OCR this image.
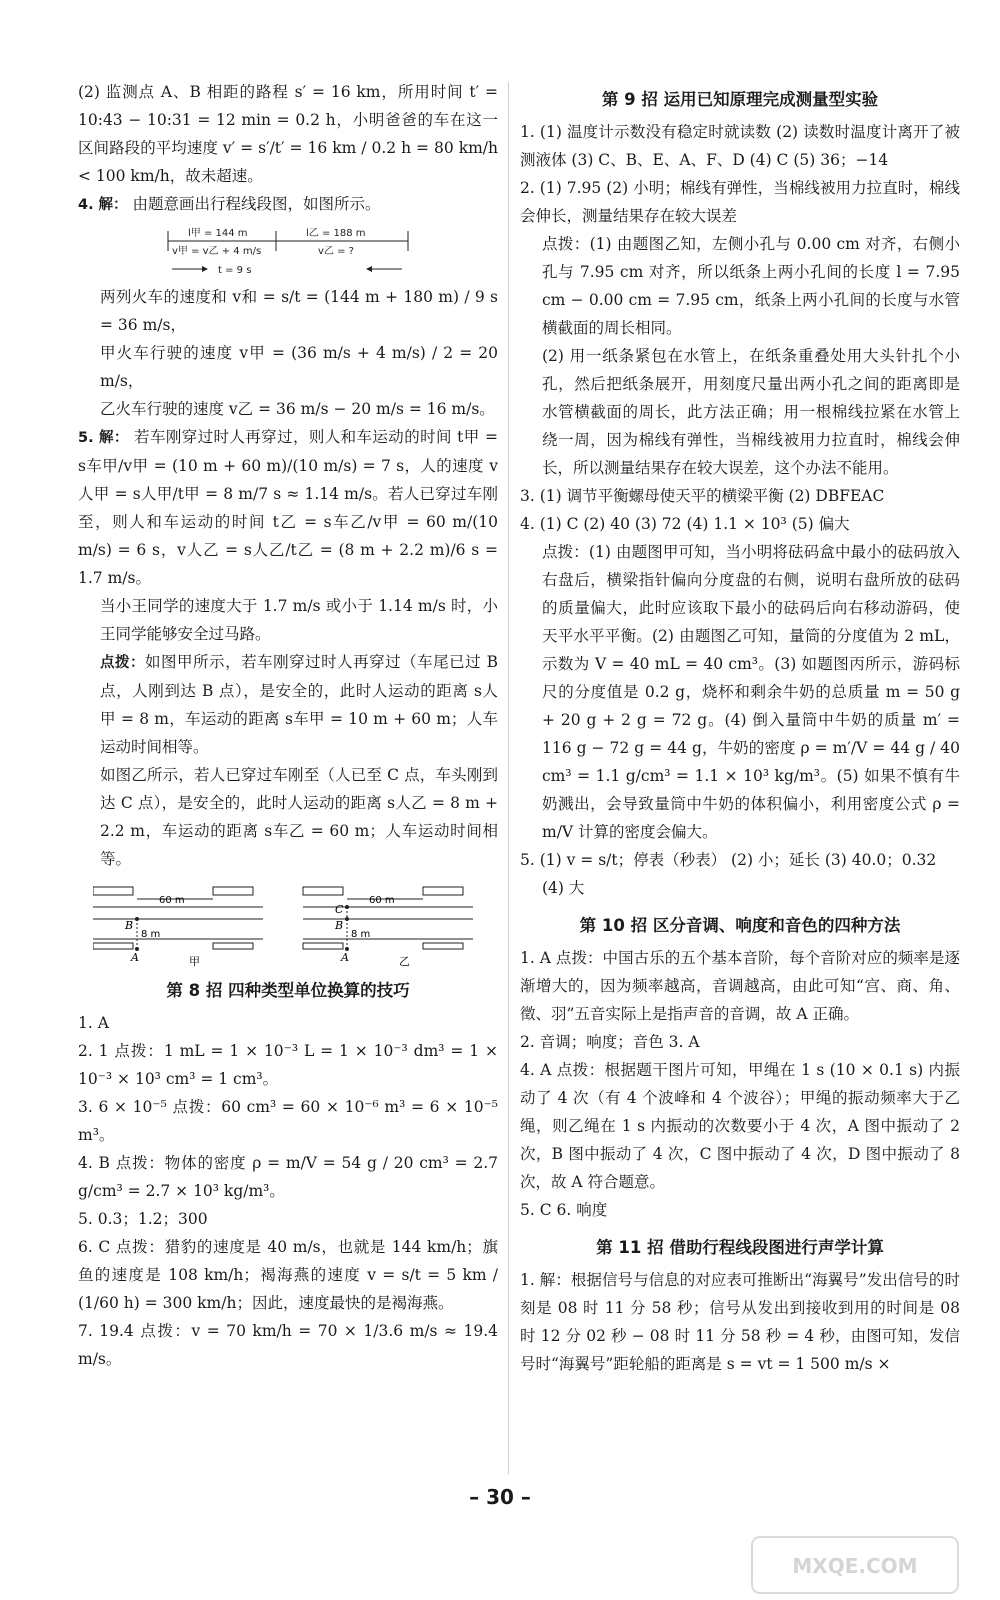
(2) 监测点 A、B 相距的路程 s′ = 16 km，所用时间 t′ = 10:43 − 10:31 = 12 min = 0.2 h，小明爸爸的车在这一区间路段的平均速度 v′ = s′/t′ = 16 km / 0.2 h = 80 km/h < 100 km/h，故未超速。

4. 解： 由题意画出行程线段图，如图所示。

l甲 = 144 m	l乙 = 188 m
v甲 = v乙 + 4 m/s	v乙 = ?
t = 9 s

两列火车的速度和 v和 = s/t = (144 m + 180 m) / 9 s = 36 m/s，

甲火车行驶的速度 v甲 = (36 m/s + 4 m/s) / 2 = 20 m/s，

乙火车行驶的速度 v乙 = 36 m/s − 20 m/s = 16 m/s。

5. 解： 若车刚穿过时人再穿过，则人和车运动的时间 t甲 = s车甲/v甲 = (10 m + 60 m)/(10 m/s) = 7 s，人的速度 v人甲 = s人甲/t甲 = 8 m/7 s ≈ 1.14 m/s。若人已穿过车刚至，则人和车运动的时间 t乙 = s车乙/v甲 = 60 m/(10 m/s) = 6 s，v人乙 = s人乙/t乙 = (8 m + 2.2 m)/6 s = 1.7 m/s。

当小王同学的速度大于 1.7 m/s 或小于 1.14 m/s 时，小王同学能够安全过马路。

点拨：如图甲所示，若车刚穿过时人再穿过（车尾已过 B 点，人刚到达 B 点），是安全的，此时人运动的距离 s人甲 = 8 m，车运动的距离 s车甲 = 10 m + 60 m；人车运动时间相等。

如图乙所示，若人已穿过车刚至（人已至 C 点，车头刚到达 C 点），是安全的，此时人运动的距离 s人乙 = 8 m + 2.2 m，车运动的距离 s车乙 = 60 m；人车运动时间相等。

60 m
B
8 m
A	甲
60 m
C
B
8 m
A	乙
第 8 招 四种类型单位换算的技巧

1. A

2. 1 点拨：1 mL = 1 × 10⁻³ L = 1 × 10⁻³ dm³ = 1 × 10⁻³ × 10³ cm³ = 1 cm³。

3. 6 × 10⁻⁵ 点拨：60 cm³ = 60 × 10⁻⁶ m³ = 6 × 10⁻⁵ m³。

4. B 点拨：物体的密度 ρ = m/V = 54 g / 20 cm³ = 2.7 g/cm³ = 2.7 × 10³ kg/m³。

5. 0.3；1.2；300

6. C 点拨：猎豹的速度是 40 m/s，也就是 144 km/h；旗鱼的速度是 108 km/h；褐海燕的速度 v = s/t = 5 km / (1/60 h) = 300 km/h；因此，速度最快的是褐海燕。

7. 19.4 点拨：v = 70 km/h = 70 × 1/3.6 m/s ≈ 19.4 m/s。

第 9 招 运用已知原理完成测量型实验

1. (1) 温度计示数没有稳定时就读数 (2) 读数时温度计离开了被测液体 (3) C、B、E、A、F、D (4) C (5) 36；−14

2. (1) 7.95 (2) 小明；棉线有弹性，当棉线被用力拉直时，棉线会伸长，测量结果存在较大误差

点拨：(1) 由题图乙知，左侧小孔与 0.00 cm 对齐，右侧小孔与 7.95 cm 对齐，所以纸条上两小孔间的长度 l = 7.95 cm − 0.00 cm = 7.95 cm，纸条上两小孔间的长度与水管横截面的周长相同。

(2) 用一纸条紧包在水管上，在纸条重叠处用大头针扎个小孔，然后把纸条展开，用刻度尺量出两小孔之间的距离即是水管横截面的周长，此方法正确；用一根棉线拉紧在水管上绕一周，因为棉线有弹性，当棉线被用力拉直时，棉线会伸长，所以测量结果存在较大误差，这个办法不能用。

3. (1) 调节平衡螺母使天平的横梁平衡 (2) DBFEAC

4. (1) C (2) 40 (3) 72 (4) 1.1 × 10³ (5) 偏大

点拨：(1) 由题图甲可知，当小明将砝码盒中最小的砝码放入右盘后，横梁指针偏向分度盘的右侧，说明右盘所放的砝码的质量偏大，此时应该取下最小的砝码后向右移动游码，使天平水平平衡。(2) 由题图乙可知，量筒的分度值为 2 mL，示数为 V = 40 mL = 40 cm³。(3) 如题图丙所示，游码标尺的分度值是 0.2 g，烧杯和剩余牛奶的总质量 m = 50 g + 20 g + 2 g = 72 g。(4) 倒入量筒中牛奶的质量 m′ = 116 g − 72 g = 44 g，牛奶的密度 ρ = m′/V = 44 g / 40 cm³ = 1.1 g/cm³ = 1.1 × 10³ kg/m³。(5) 如果不慎有牛奶溅出，会导致量筒中牛奶的体积偏小，利用密度公式 ρ = m/V 计算的密度会偏大。

5. (1) v = s/t；停表（秒表） (2) 小；延长 (3) 40.0；0.32

(4) 大

第 10 招 区分音调、响度和音色的四种方法

1. A 点拨：中国古乐的五个基本音阶，每个音阶对应的频率是逐渐增大的，因为频率越高，音调越高，由此可知“宫、商、角、徵、羽”五音实际上是指声音的音调，故 A 正确。

2. 音调；响度；音色 3. A

4. A 点拨：根据题干图片可知，甲绳在 1 s (10 × 0.1 s) 内振动了 4 次（有 4 个波峰和 4 个波谷）；甲绳的振动频率大于乙绳，则乙绳在 1 s 内振动的次数要小于 4 次，A 图中振动了 2 次，B 图中振动了 4 次，C 图中振动了 4 次，D 图中振动了 8 次，故 A 符合题意。

5. C 6. 响度

第 11 招 借助行程线段图进行声学计算

1. 解：根据信号与信息的对应表可推断出“海翼号”发出信号的时刻是 08 时 11 分 58 秒；信号从发出到接收到用的时间是 08 时 12 分 02 秒 − 08 时 11 分 58 秒 = 4 秒，由图可知，发信号时“海翼号”距轮船的距离是 s = vt = 1 500 m/s ×

– 30 –
MXQE.COM
